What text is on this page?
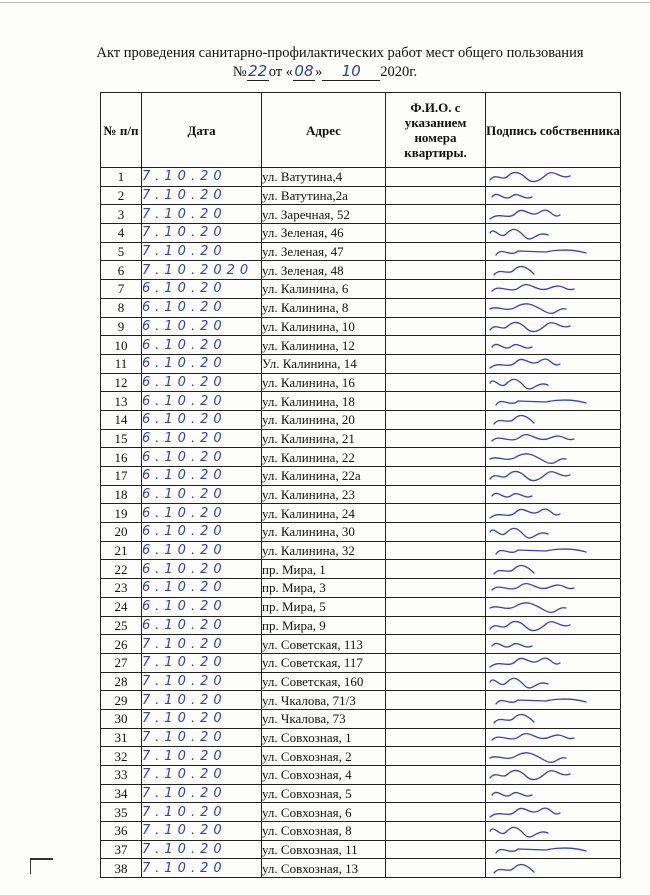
Акт проведения санитарно-профилактических работ мест общего пользования
№22от «08» 10 2020г.
№ п/п	Дата	Адрес	Ф.И.О. с указанием номера квартиры.	Подпись собственника
1	7.10.20	ул. Ватутина,4		

2	7.10.20	ул. Ватутина,2а		

3	7.10.20	ул. Заречная, 52		

4	7.10.20	ул. Зеленая, 46		

5	7.10.20	ул. Зеленая, 47		

6	7.10.2020	ул. Зеленая, 48		

7	6.10.20	ул. Калинина, 6		

8	6.10.20	ул. Калинина, 8		

9	6.10.20	ул. Калинина, 10		

10	6.10.20	ул. Калинина, 12		

11	6.10.20	Ул. Калинина, 14		

12	6.10.20	ул. Калинина, 16		

13	6.10.20	ул. Калинина, 18		

14	6.10.20	ул. Калинина, 20		

15	6.10.20	ул. Калинина, 21		

16	6.10.20	ул. Калинина, 22		

17	6.10.20	ул. Калинина, 22а		

18	6.10.20	ул. Калинина, 23		

19	6.10.20	ул. Калинина, 24		

20	6.10.20	ул. Калинина, 30		

21	6.10.20	ул. Калинина, 32		

22	6.10.20	пр. Мира, 1		

23	6.10.20	пр. Мира, 3		

24	6.10.20	пр. Мира, 5		

25	6.10.20	пр. Мира, 9		

26	7.10.20	ул. Советская, 113		

27	7.10.20	ул. Советская, 117		

28	7.10.20	ул. Советская, 160		

29	7.10.20	ул. Чкалова, 71/3		

30	7.10.20	ул. Чкалова, 73		

31	7.10.20	ул. Совхозная, 1		

32	7.10.20	ул. Совхозная, 2		

33	7.10.20	ул. Совхозная, 4		

34	7.10.20	ул. Совхозная, 5		

35	7.10.20	ул. Совхозная, 6		

36	7.10.20	ул. Совхозная, 8		

37	7.10.20	ул. Совхозная, 11		

38	7.10.20	ул. Совхозная, 13		
